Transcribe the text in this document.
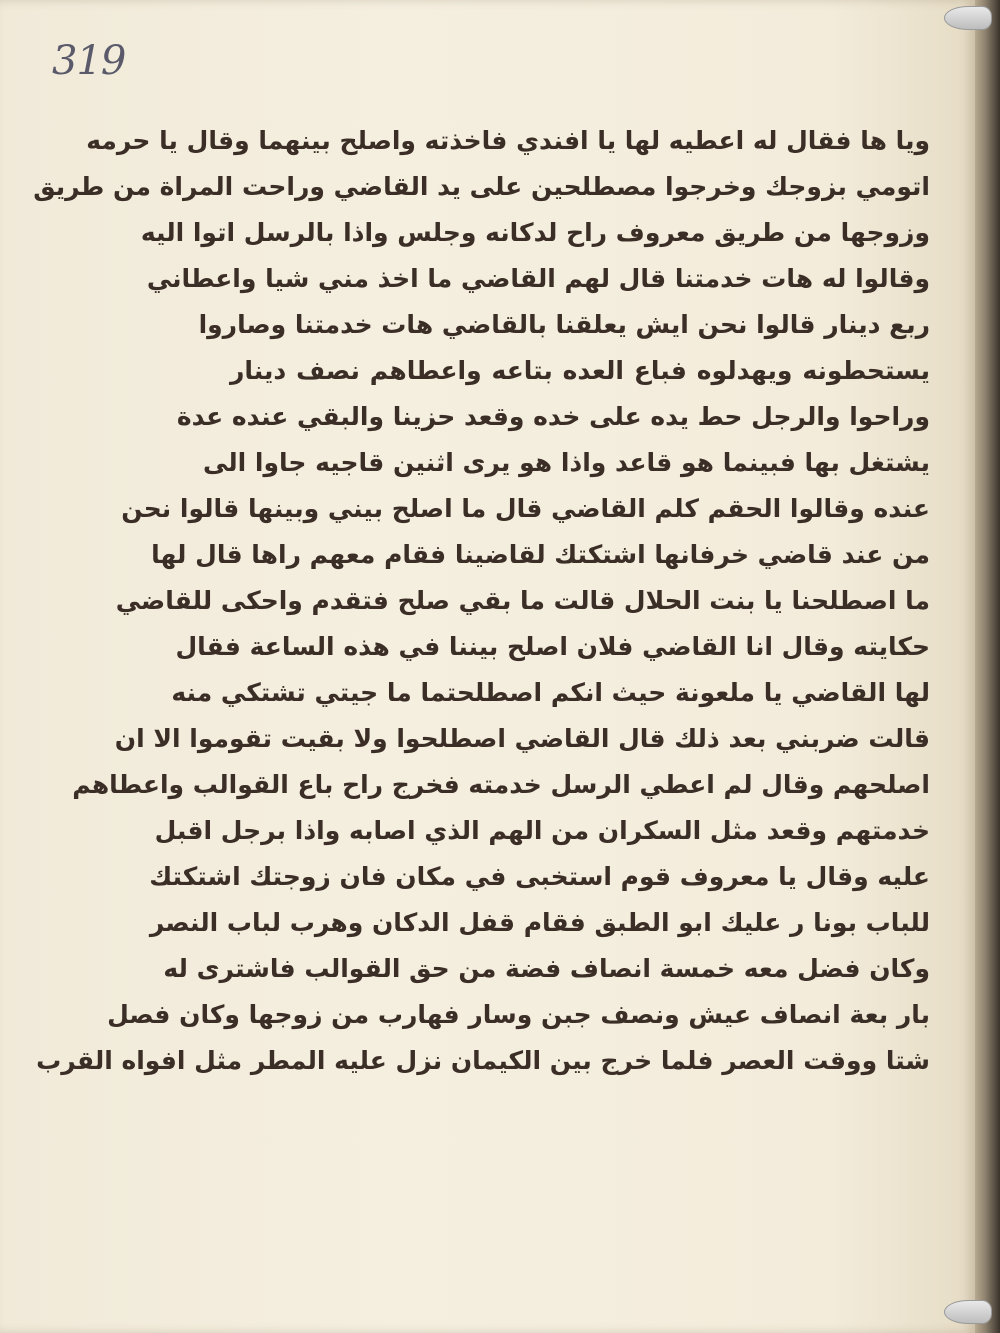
319
ويا ها فقال له اعطيه لها يا افندي فاخذته واصلح بينهما وقال يا حرمه
اتومي بزوجك وخرجوا مصطلحين على يد القاضي وراحت المراة من طريق
وزوجها من طريق معروف راح لدكانه وجلس واذا بالرسل اتوا اليه
وقالوا له هات خدمتنا قال لهم القاضي ما اخذ مني شيا واعطاني
ربع دينار قالوا نحن ايش يعلقنا بالقاضي هات خدمتنا وصاروا
يستحطونه ويهدلوه فباع العده بتاعه واعطاهم نصف دينار
وراحوا والرجل حط يده على خده وقعد حزينا والبقي عنده عدة
يشتغل بها فبينما هو قاعد واذا هو يرى اثنين قاجيه جاوا الى
عنده وقالوا الحقم كلم القاضي قال ما اصلح بيني وبينها قالوا نحن
من عند قاضي خرفانها اشتكتك لقاضينا فقام معهم راها قال لها
ما اصطلحنا يا بنت الحلال قالت ما بقي صلح فتقدم واحكى للقاضي
حكايته وقال انا القاضي فلان اصلح بيننا في هذه الساعة فقال
لها القاضي يا ملعونة حيث انكم اصطلحتما ما جيتي تشتكي منه
قالت ضربني بعد ذلك قال القاضي اصطلحوا ولا بقيت تقوموا الا ان
اصلحهم وقال لم اعطي الرسل خدمته فخرج راح باع القوالب واعطاهم
خدمتهم وقعد مثل السكران من الهم الذي اصابه واذا برجل اقبل
عليه وقال يا معروف قوم استخبى في مكان فان زوجتك اشتكتك
للباب بونا ر عليك ابو الطبق فقام قفل الدكان وهرب لباب النصر
وكان فضل معه خمسة انصاف فضة من حق القوالب فاشترى له
بار بعة انصاف عيش ونصف جبن وسار فهارب من زوجها وكان فصل
شتا ووقت العصر فلما خرج بين الكيمان نزل عليه المطر مثل افواه القرب
